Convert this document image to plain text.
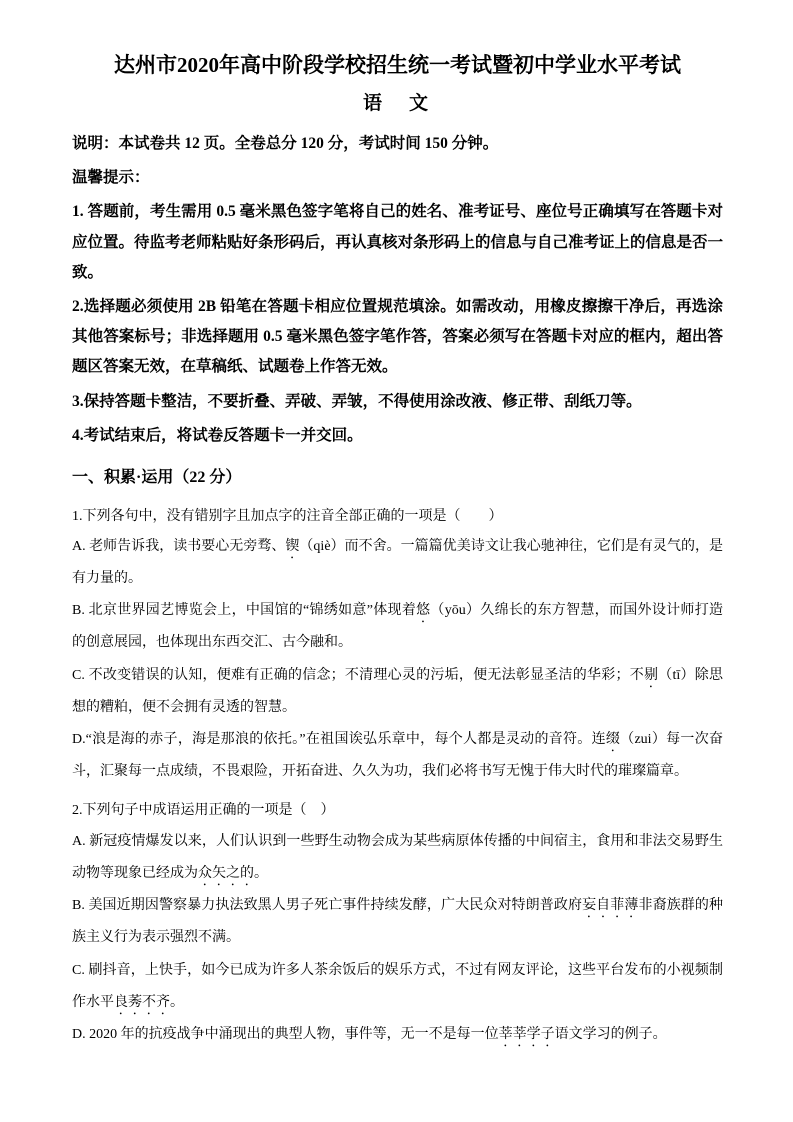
达州市2020年高中阶段学校招生统一考试暨初中学业水平考试
语　文

说明：本试卷共 12 页。全卷总分 120 分，考试时间 150 分钟。

温馨提示：

1. 答题前，考生需用 0.5 毫米黑色签字笔将自己的姓名、准考证号、座位号正确填写在答题卡对应位置。待监考老师粘贴好条形码后，再认真核对条形码上的信息与自己准考证上的信息是否一致。

2.选择题必须使用 2B 铅笔在答题卡相应位置规范填涂。如需改动，用橡皮擦擦干净后，再选涂其他答案标号；非选择题用 0.5 毫米黑色签字笔作答，答案必须写在答题卡对应的框内，超出答题区答案无效，在草稿纸、试题卷上作答无效。

3.保持答题卡整洁，不要折叠、弄破、弄皱，不得使用涂改液、修正带、刮纸刀等。

4.考试结束后，将试卷反答题卡一并交回。

一、积累·运用（22 分）

1.下列各句中，没有错别字且加点字的注音全部正确的一项是（　　）

A. 老师告诉我，读书要心无旁骛、锲（qiè）而不舍。一篇篇优美诗文让我心驰神往，它们是有灵气的，是有力量的。

B. 北京世界园艺博览会上，中国馆的“锦绣如意”体现着悠（yōu）久绵长的东方智慧，而国外设计师打造的创意展园，也体现出东西交汇、古今融和。

C. 不改变错误的认知，便难有正确的信念；不清理心灵的污垢，便无法彰显圣洁的华彩；不剔（tī）除思想的糟粕，便不会拥有灵透的智慧。

D.“浪是海的赤子，海是那浪的依托。”在祖国诶弘乐章中，每个人都是灵动的音符。连缀（zui）每一次奋斗，汇聚每一点成绩，不畏艰险，开拓奋进、久久为功，我们必将书写无愧于伟大时代的璀璨篇章。

2.下列句子中成语运用正确的一项是（　）

A. 新冠疫情爆发以来，人们认识到一些野生动物会成为某些病原体传播的中间宿主，食用和非法交易野生动物等现象已经成为众矢之的。

B. 美国近期因警察暴力执法致黑人男子死亡事件持续发酵，广大民众对特朗普政府妄自菲薄非裔族群的种族主义行为表示强烈不满。

C. 刷抖音，上快手，如今已成为许多人茶余饭后的娱乐方式，不过有网友评论，这些平台发布的小视频制作水平良莠不齐。

D. 2020 年的抗疫战争中涌现出的典型人物，事件等，无一不是每一位莘莘学子语文学习的例子。
